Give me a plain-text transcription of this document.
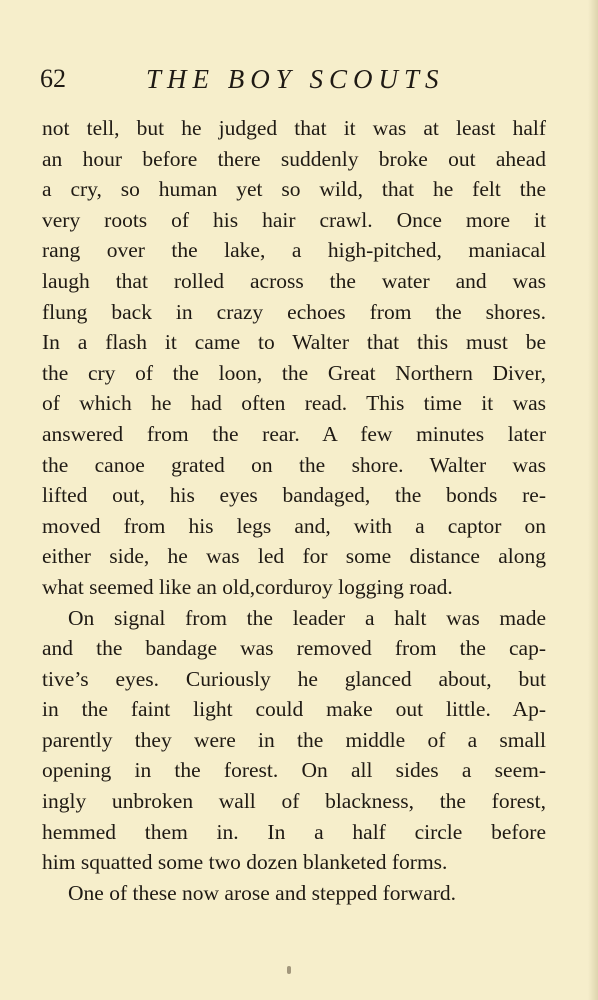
62	THE BOY SCOUTS
not tell, but he judged that it was at least half
an hour before there suddenly broke out ahead
a cry, so human yet so wild, that he felt the
very roots of his hair crawl. Once more it
rang over the lake, a high-pitched, maniacal
laugh that rolled across the water and was
flung back in crazy echoes from the shores.
In a flash it came to Walter that this must be
the cry of the loon, the Great Northern Diver,
of which he had often read. This time it was
answered from the rear. A few minutes later
the canoe grated on the shore. Walter was
lifted out, his eyes bandaged, the bonds re-
moved from his legs and, with a captor on
either side, he was led for some distance along
what seemed like an old,corduroy logging road.
On signal from the leader a halt was made
and the bandage was removed from the cap-
tive’s eyes. Curiously he glanced about, but
in the faint light could make out little. Ap-
parently they were in the middle of a small
opening in the forest. On all sides a seem-
ingly unbroken wall of blackness, the forest,
hemmed them in. In a half circle before
him squatted some two dozen blanketed forms.
One of these now arose and stepped forward.
